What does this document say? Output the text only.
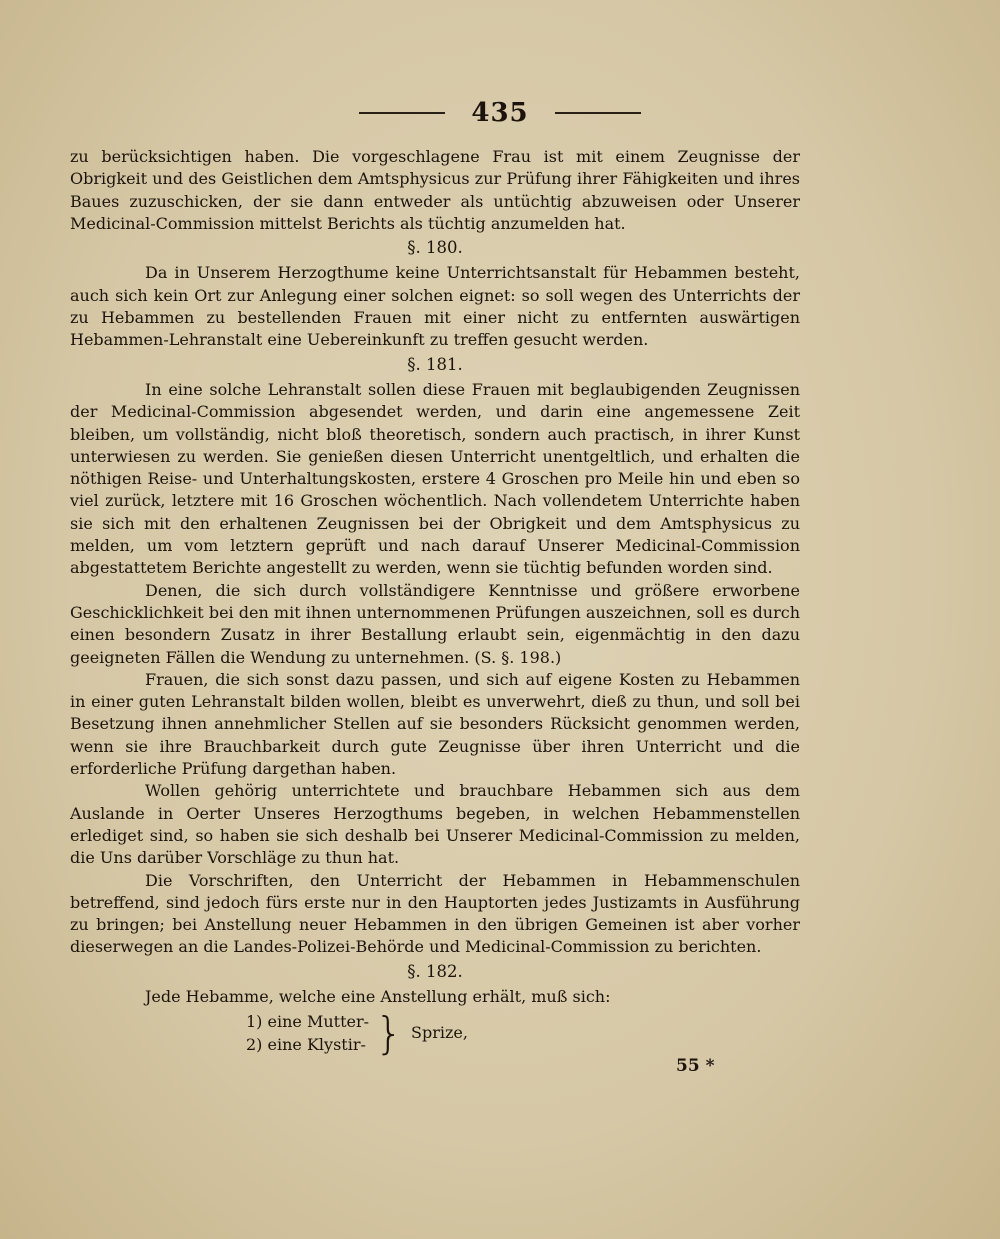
435

zu berücksichtigen haben. Die vorgeschlagene Frau ist mit einem Zeugnisse der Obrigkeit und des Geistlichen dem Amtsphysicus zur Prüfung ihrer Fähigkeiten und ihres Baues zuzuschicken, der sie dann entweder als untüchtig abzuweisen oder Unserer Medicinal-Commission mittelst Berichts als tüchtig anzumelden hat.

§. 180.

Da in Unserem Herzogthume keine Unterrichtsanstalt für Hebammen besteht, auch sich kein Ort zur Anlegung einer solchen eignet: so soll wegen des Unterrichts der zu Hebammen zu bestellenden Frauen mit einer nicht zu entfernten auswärtigen Hebammen-Lehranstalt eine Uebereinkunft zu treffen gesucht werden.

§. 181.

In eine solche Lehranstalt sollen diese Frauen mit beglaubigenden Zeugnissen der Medicinal-Commission abgesendet werden, und darin eine angemessene Zeit bleiben, um vollständig, nicht bloß theoretisch, sondern auch practisch, in ihrer Kunst unterwiesen zu werden. Sie genießen diesen Unterricht unentgeltlich, und erhalten die nöthigen Reise- und Unterhaltungskosten, erstere 4 Groschen pro Meile hin und eben so viel zurück, letztere mit 16 Groschen wöchentlich. Nach vollendetem Unterrichte haben sie sich mit den erhaltenen Zeugnissen bei der Obrigkeit und dem Amtsphysicus zu melden, um vom letztern geprüft und nach darauf Unserer Medicinal-Commission abgestattetem Berichte angestellt zu werden, wenn sie tüchtig befunden worden sind.

Denen, die sich durch vollständigere Kenntnisse und größere erworbene Geschicklichkeit bei den mit ihnen unternommenen Prüfungen auszeichnen, soll es durch einen besondern Zusatz in ihrer Bestallung erlaubt sein, eigenmächtig in den dazu geeigneten Fällen die Wendung zu unternehmen. (S. §. 198.)

Frauen, die sich sonst dazu passen, und sich auf eigene Kosten zu Hebammen in einer guten Lehranstalt bilden wollen, bleibt es unverwehrt, dieß zu thun, und soll bei Besetzung ihnen annehmlicher Stellen auf sie besonders Rücksicht genommen werden, wenn sie ihre Brauchbarkeit durch gute Zeugnisse über ihren Unterricht und die erforderliche Prüfung dargethan haben.

Wollen gehörig unterrichtete und brauchbare Hebammen sich aus dem Auslande in Oerter Unseres Herzogthums begeben, in welchen Hebammenstellen erlediget sind, so haben sie sich deshalb bei Unserer Medicinal-Commission zu melden, die Uns darüber Vorschläge zu thun hat.

Die Vorschriften, den Unterricht der Hebammen in Hebammenschulen betreffend, sind jedoch fürs erste nur in den Hauptorten jedes Justizamts in Ausführung zu bringen; bei Anstellung neuer Hebammen in den übrigen Gemeinen ist aber vorher dieserwegen an die Landes-Polizei-Behörde und Medicinal-Commission zu berichten.

§. 182.

Jede Hebamme, welche eine Anstellung erhält, muß sich:

1) eine Mutter-
2) eine Klystir- } Sprize,
55 *
